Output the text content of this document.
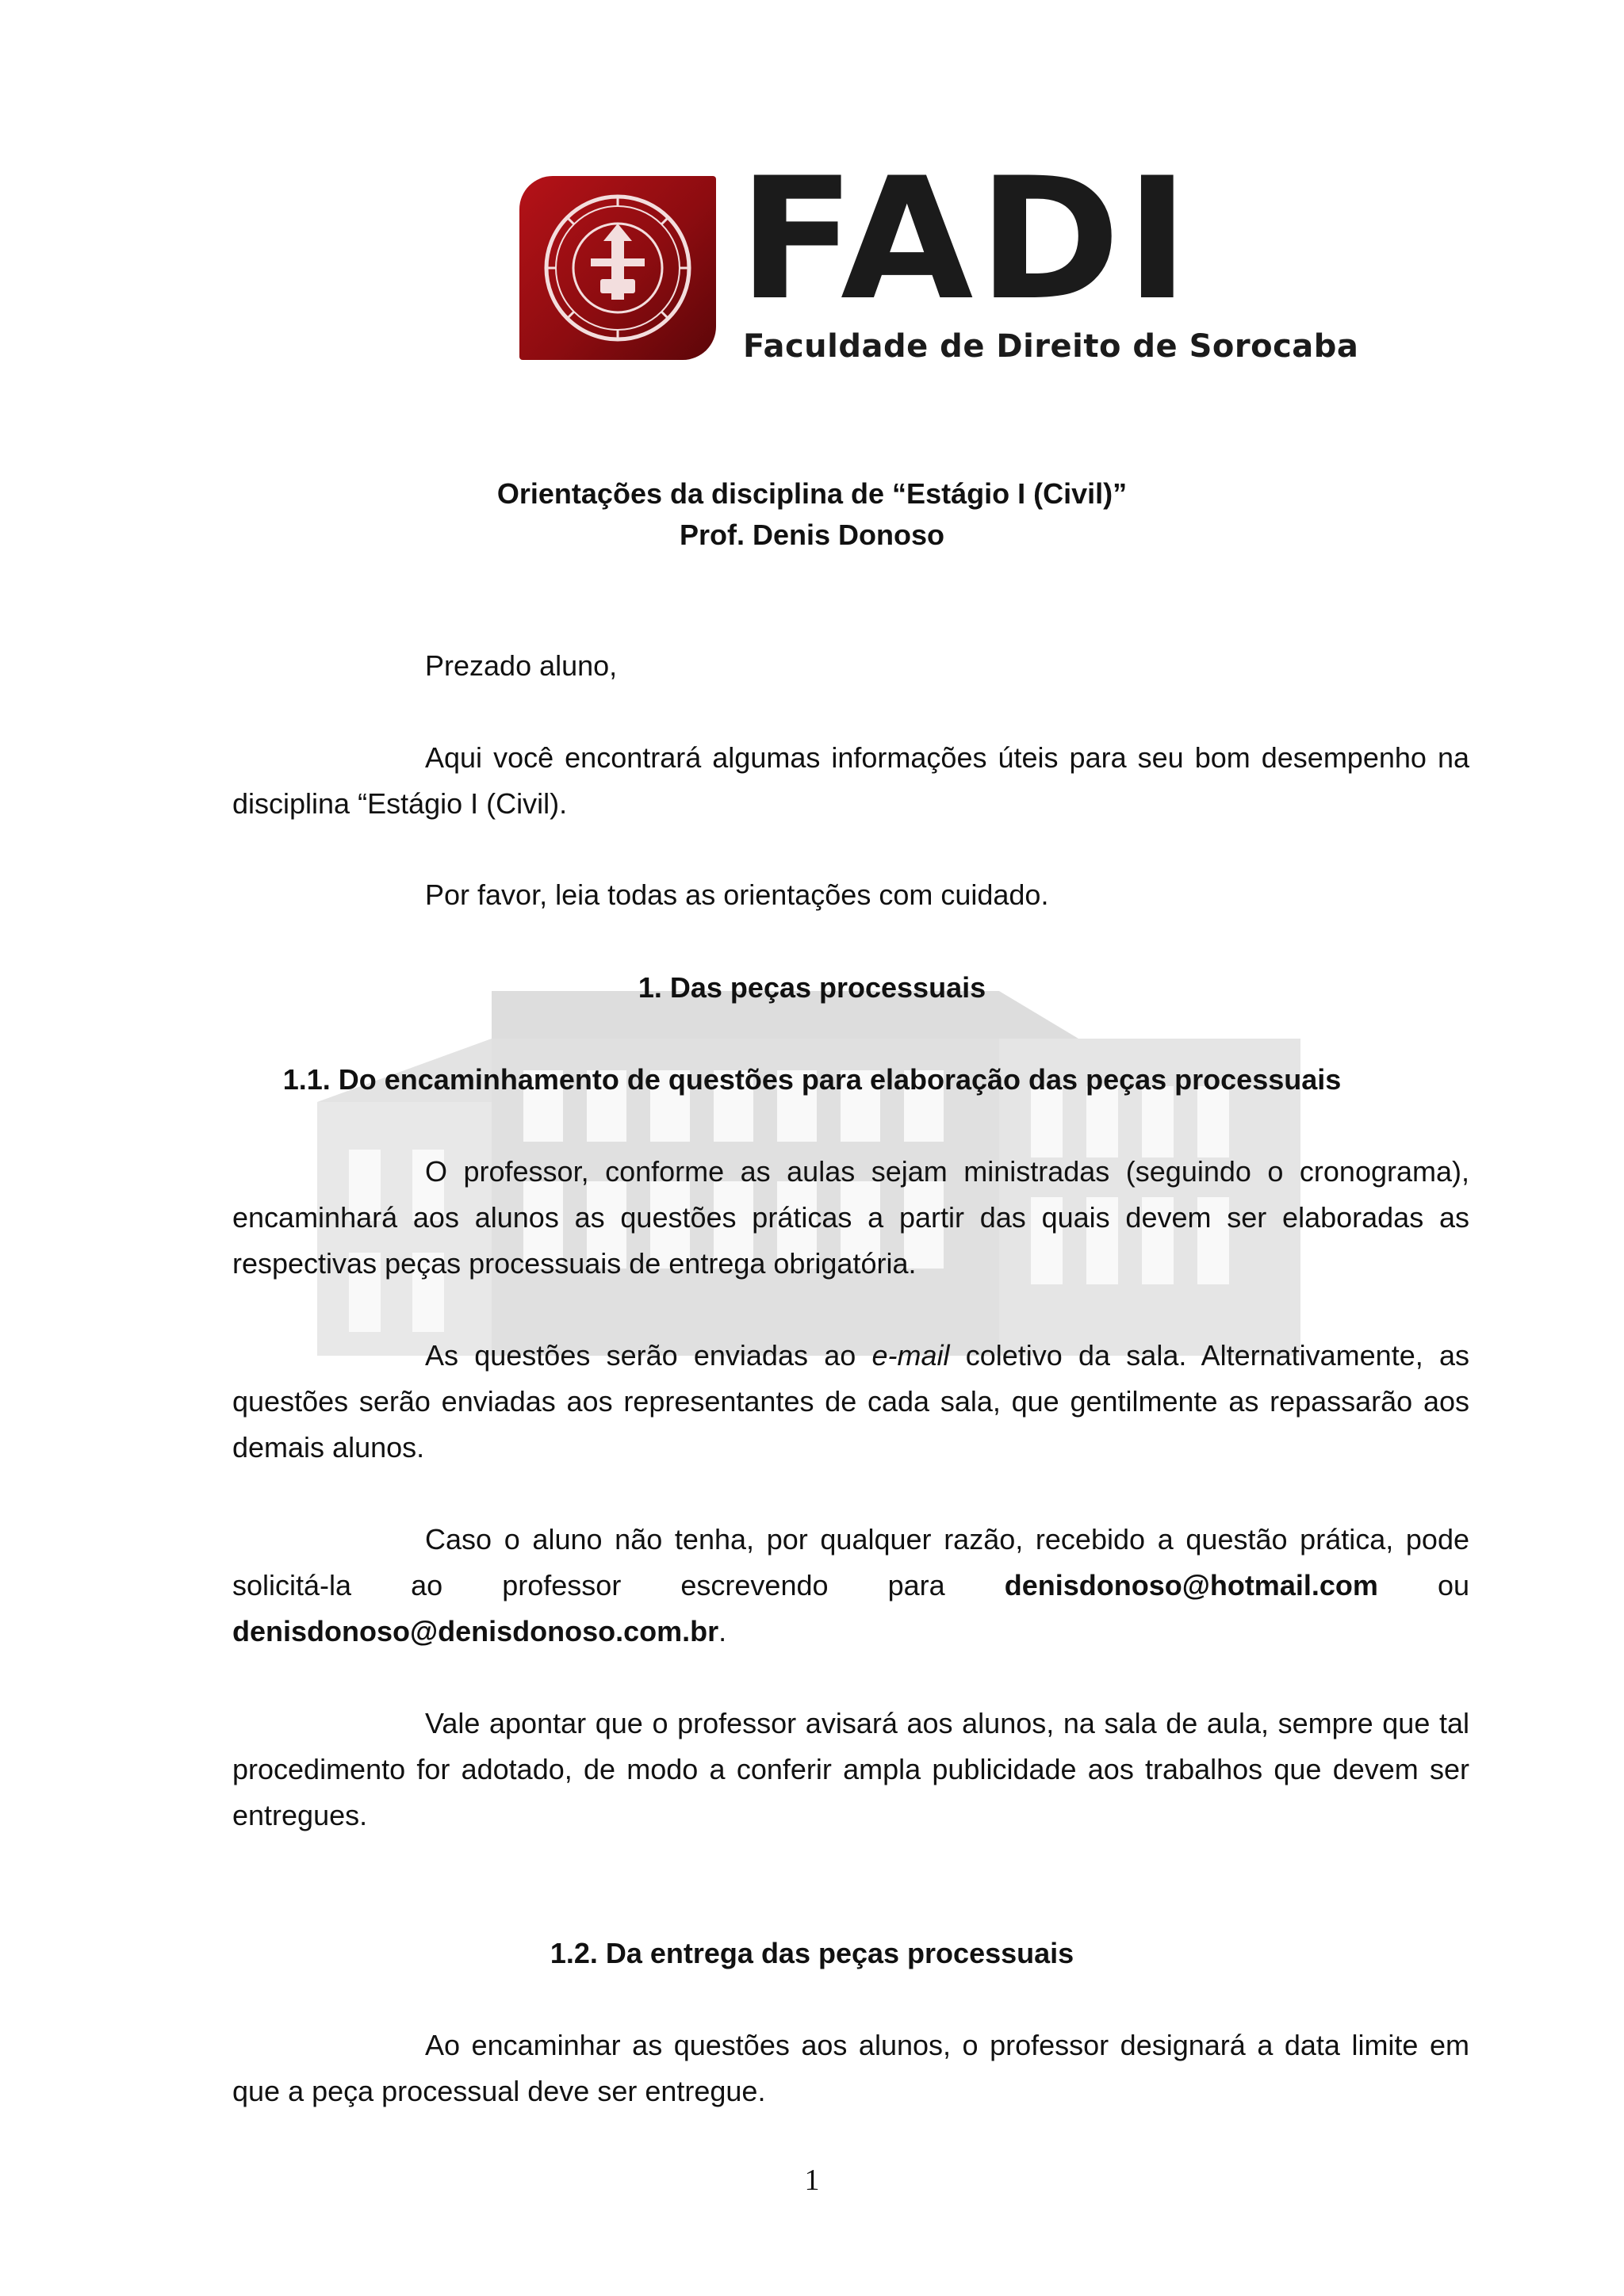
FADI
Faculdade de Direito de Sorocaba
Orientações da disciplina de “Estágio I (Civil)”
Prof. Denis Donoso
Prezado aluno,
Aqui você encontrará algumas informações úteis para seu bom desempenho na disciplina “Estágio I (Civil).
Por favor, leia todas as orientações com cuidado.
1. Das peças processuais
1.1. Do encaminhamento de questões para elaboração das peças processuais
O professor, conforme as aulas sejam ministradas (seguindo o cronograma), encaminhará aos alunos as questões práticas a partir das quais devem ser elaboradas as respectivas peças processuais de entrega obrigatória.
As questões serão enviadas ao e-mail coletivo da sala. Alternativamente, as questões serão enviadas aos representantes de cada sala, que gentilmente as repassarão aos demais alunos.
Caso o aluno não tenha, por qualquer razão, recebido a questão prática, pode solicitá-la ao professor escrevendo para denisdonoso@hotmail.com ou denisdonoso@denisdonoso.com.br.
Vale apontar que o professor avisará aos alunos, na sala de aula, sempre que tal procedimento for adotado, de modo a conferir ampla publicidade aos trabalhos que devem ser entregues.
1.2. Da entrega das peças processuais
Ao encaminhar as questões aos alunos, o professor designará a data limite em que a peça processual deve ser entregue.
1
